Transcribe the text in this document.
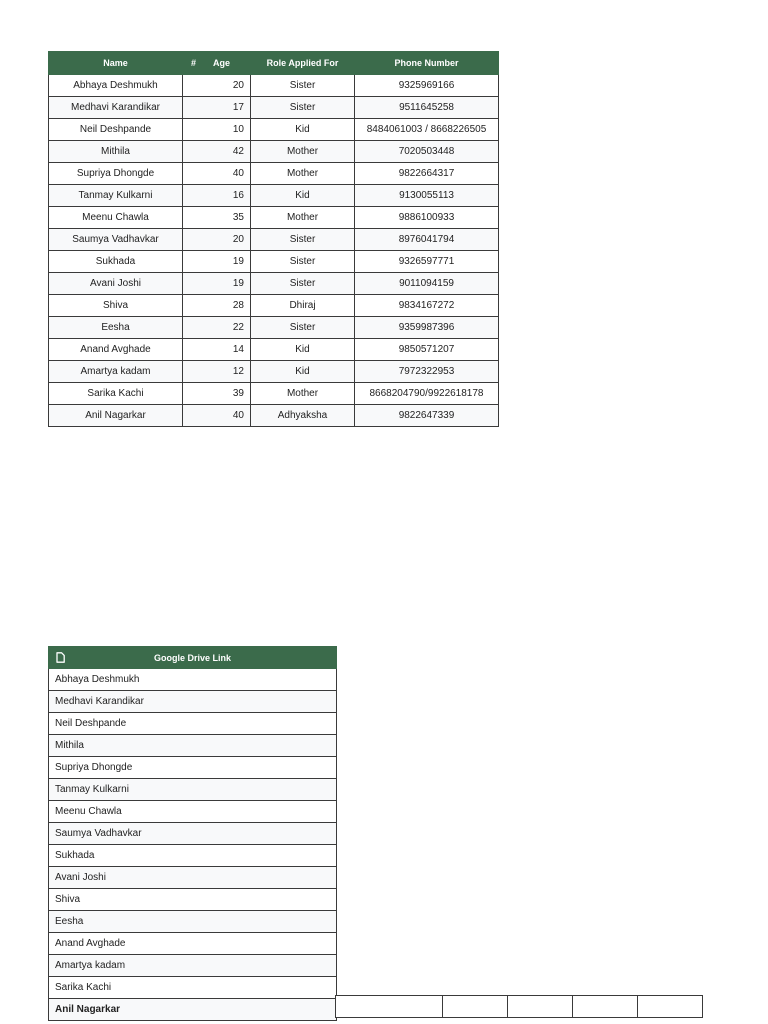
Name	# Age	Role Applied For	Phone Number
Abhaya Deshmukh	20	Sister	9325969166
Medhavi Karandikar	17	Sister	9511645258
Neil Deshpande	10	Kid	8484061003 / 8668226505
Mithila	42	Mother	7020503448
Supriya Dhongde	40	Mother	9822664317
Tanmay Kulkarni	16	Kid	9130055113
Meenu Chawla	35	Mother	9886100933
Saumya Vadhavkar	20	Sister	8976041794
Sukhada	19	Sister	9326597771
Avani Joshi	19	Sister	9011094159
Shiva	28	Dhiraj	9834167272
Eesha	22	Sister	9359987396
Anand Avghade	14	Kid	9850571207
Amartya kadam	12	Kid	7972322953
Sarika Kachi	39	Mother	8668204790/9922618178
Anil Nagarkar	40	Adhyaksha	9822647339
Google Drive Link
Abhaya Deshmukh
Medhavi Karandikar
Neil Deshpande
Mithila
Supriya Dhongde
Tanmay Kulkarni
Meenu Chawla
Saumya Vadhavkar
Sukhada
Avani Joshi
Shiva
Eesha
Anand Avghade
Amartya kadam
Sarika Kachi
Anil Nagarkar
